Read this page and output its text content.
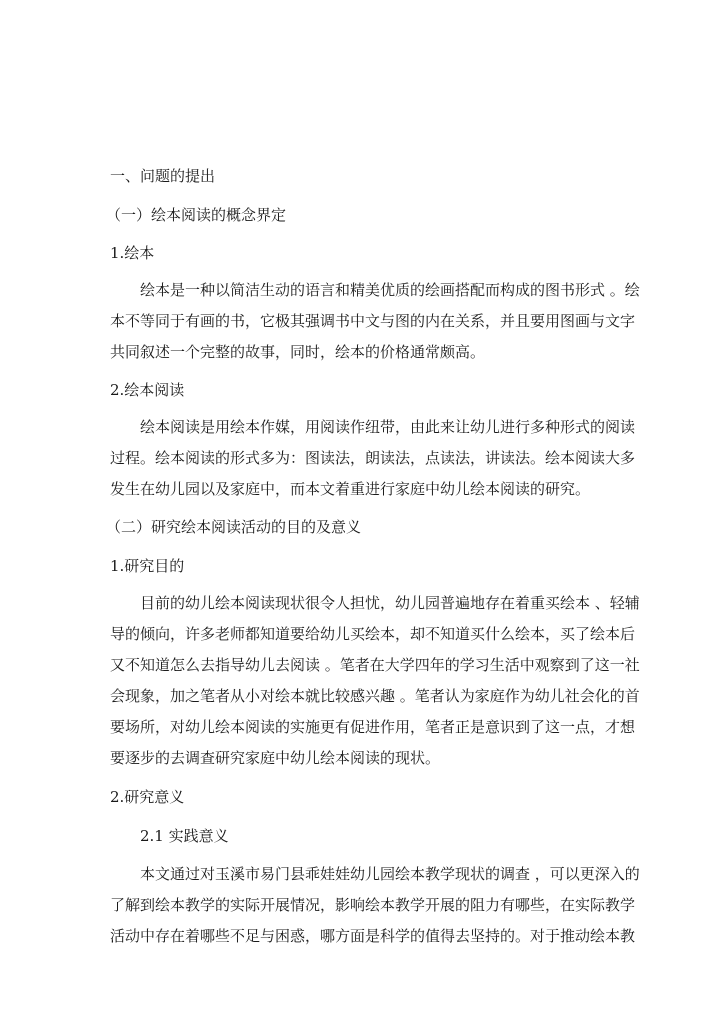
一、问题的提出
（一）绘本阅读的概念界定
1.绘本
绘本是一种以简洁生动的语言和精美优质的绘画搭配而构成的图书形式 。绘
本不等同于有画的书，它极其强调书中文与图的内在关系，并且要用图画与文字
共同叙述一个完整的故事，同时，绘本的价格通常颇高。
2.绘本阅读
绘本阅读是用绘本作媒，用阅读作纽带，由此来让幼儿进行多种形式的阅读
过程。绘本阅读的形式多为：图读法，朗读法，点读法，讲读法。绘本阅读大多
发生在幼儿园以及家庭中，而本文着重进行家庭中幼儿绘本阅读的研究。
（二）研究绘本阅读活动的目的及意义
1.研究目的
目前的幼儿绘本阅读现状很令人担忧，幼儿园普遍地存在着重买绘本 、轻辅
导的倾向，许多老师都知道要给幼儿买绘本，却不知道买什么绘本，买了绘本后
又不知道怎么去指导幼儿去阅读 。笔者在大学四年的学习生活中观察到了这一社
会现象，加之笔者从小对绘本就比较感兴趣 。笔者认为家庭作为幼儿社会化的首
要场所，对幼儿绘本阅读的实施更有促进作用，笔者正是意识到了这一点，才想
要逐步的去调查研究家庭中幼儿绘本阅读的现状。
2.研究意义
2.1 实践意义
本文通过对玉溪市易门县乖娃娃幼儿园绘本教学现状的调查 ，可以更深入的
了解到绘本教学的实际开展情况，影响绘本教学开展的阻力有哪些，在实际教学
活动中存在着哪些不足与困惑，哪方面是科学的值得去坚持的。对于推动绘本教
